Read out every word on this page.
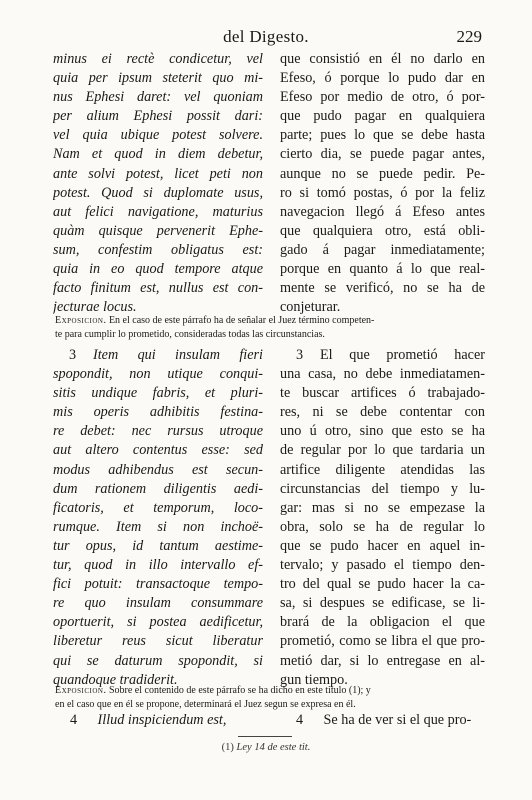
del Digesto.	229
minus ei rectè condicetur, vel
quia per ipsum steterit quo mi-
nus Ephesi daret: vel quoniam
per alium Ephesi possit dari:
vel quia ubique potest solvere.
Nam et quod in diem debetur,
ante solvi potest, licet peti non
potest. Quod si duplomate usus,
aut felici navigatione, maturius
quàm quisque pervenerit Ephe-
sum, confestim obligatus est:
quia in eo quod tempore atque
facto finitum est, nullus est con-
jecturae locus.
que consistió en él no darlo en
Efeso, ó porque lo pudo dar en
Efeso por medio de otro, ó por-
que pudo pagar en qualquiera
parte; pues lo que se debe hasta
cierto dia, se puede pagar antes,
aunque no se puede pedir. Pe-
ro si tomó postas, ó por la feliz
navegacion llegó á Efeso antes
que qualquiera otro, está obli-
gado á pagar inmediatamente;
porque en quanto á lo que real-
mente se verificó, no se ha de
conjeturar.
Exposicion. En el caso de este párrafo ha de señalar el Juez término competen-
te para cumplir lo prometido, consideradas todas las circunstancias.
3 Item qui insulam fieri
spopondit, non utique conqui-
sitis undique fabris, et pluri-
mis operis adhibitis festina-
re debet: nec rursus utroque
aut altero contentus esse: sed
modus adhibendus est secun-
dum rationem diligentis aedi-
ficatoris, et temporum, loco-
rumque. Item si non inchoë-
tur opus, id tantum aestime-
tur, quod in illo intervallo ef-
fici potuit: transactoque tempo-
re quo insulam consummare
oportuerit, si postea aedificetur,
liberetur reus sicut liberatur
qui se daturum spopondit, si
quandoque tradiderit.
3 El que prometió hacer
una casa, no debe inmediatamen-
te buscar artifices ó trabajado-
res, ni se debe contentar con
uno ú otro, sino que esto se ha
de regular por lo que tardaria un
artifice diligente atendidas las
circunstancias del tiempo y lu-
gar: mas si no se empezase la
obra, solo se ha de regular lo
que se pudo hacer en aquel in-
tervalo; y pasado el tiempo den-
tro del qual se pudo hacer la ca-
sa, si despues se edificase, se li-
brará de la obligacion el que
prometió, como se libra el que pro-
metió dar, si lo entregase en al-
gun tiempo.
Exposicion. Sobre el contenido de este párrafo se ha dicho en este titulo (1); y
en el caso que en él se propone, determinará el Juez segun se expresa en él.
4 Illud inspiciendum est,	4 Se ha de ver si el que pro-
(1) Ley 14 de este tit.
